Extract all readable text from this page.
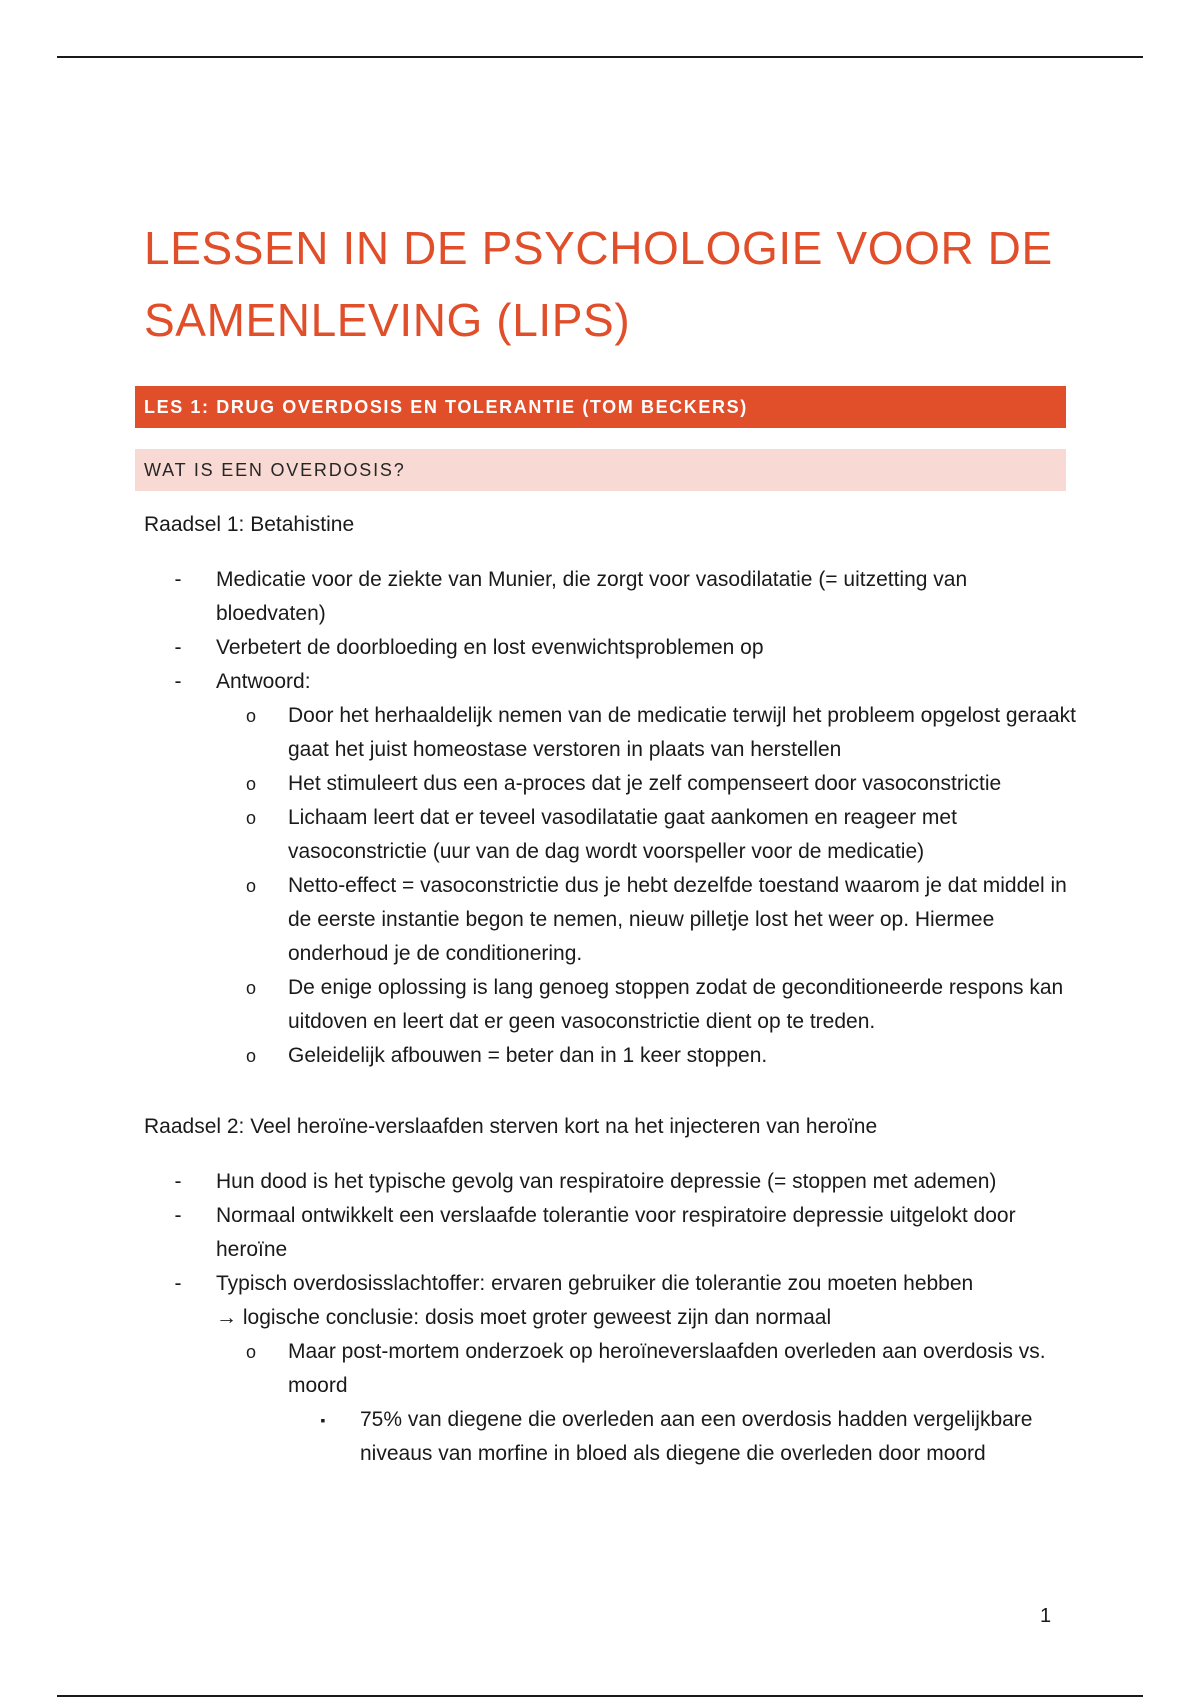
LESSEN IN DE PSYCHOLOGIE VOOR DE SAMENLEVING (LIPS)
LES 1: DRUG OVERDOSIS EN TOLERANTIE (TOM BECKERS)
WAT IS EEN OVERDOSIS?

Raadsel 1: Betahistine

- Medicatie voor de ziekte van Munier, die zorgt voor vasodilatatie (= uitzetting van bloedvaten)
- Verbetert de doorbloeding en lost evenwichtsproblemen op
- Antwoord:
o Door het herhaaldelijk nemen van de medicatie terwijl het probleem opgelost geraakt gaat het juist homeostase verstoren in plaats van herstellen
o Het stimuleert dus een a-proces dat je zelf compenseert door vasoconstrictie
o Lichaam leert dat er teveel vasodilatatie gaat aankomen en reageer met vasoconstrictie (uur van de dag wordt voorspeller voor de medicatie)
o Netto-effect = vasoconstrictie dus je hebt dezelfde toestand waarom je dat middel in de eerste instantie begon te nemen, nieuw pilletje lost het weer op. Hiermee onderhoud je de conditionering.
o De enige oplossing is lang genoeg stoppen zodat de geconditioneerde respons kan uitdoven en leert dat er geen vasoconstrictie dient op te treden.
o Geleidelijk afbouwen = beter dan in 1 keer stoppen.

Raadsel 2: Veel heroïne-verslaafden sterven kort na het injecteren van heroïne

- Hun dood is het typische gevolg van respiratoire depressie (= stoppen met ademen)
- Normaal ontwikkelt een verslaafde tolerantie voor respiratoire depressie uitgelokt door heroïne
- Typisch overdosisslachtoffer: ervaren gebruiker die tolerantie zou moeten hebben
→ logische conclusie: dosis moet groter geweest zijn dan normaal
o Maar post-mortem onderzoek op heroïneverslaafden overleden aan overdosis vs. moord
▪ 75% van diegene die overleden aan een overdosis hadden vergelijkbare niveaus van morfine in bloed als diegene die overleden door moord
1
